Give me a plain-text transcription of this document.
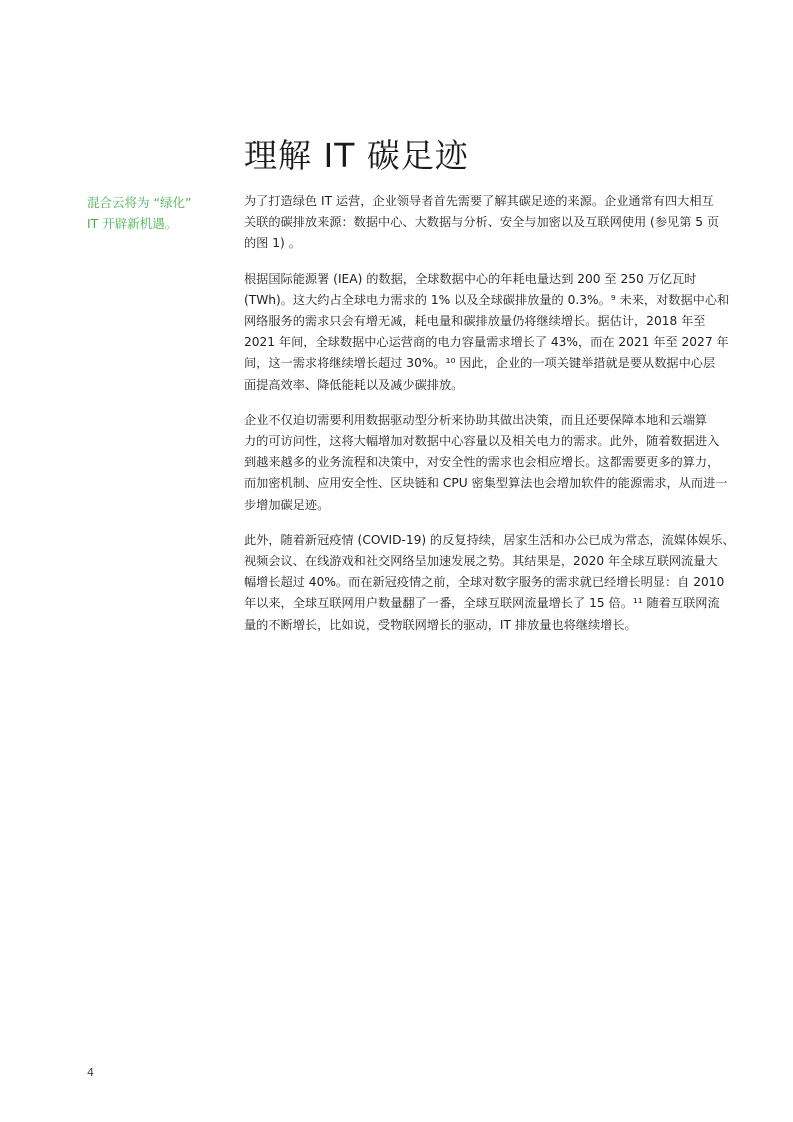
理解 IT 碳足迹
混合云将为 “绿化”
IT 开辟新机遇。

为了打造绿色 IT 运营，企业领导者首先需要了解其碳足迹的来源。企业通常有四大相互
关联的碳排放来源：数据中心、大数据与分析、安全与加密以及互联网使用 (参见第 5 页
的图 1) 。

根据国际能源署 (IEA) 的数据，全球数据中心的年耗电量达到 200 至 250 万亿瓦时
(TWh)。这大约占全球电力需求的 1% 以及全球碳排放量的 0.3%。⁹ 未来，对数据中心和
网络服务的需求只会有增无减，耗电量和碳排放量仍将继续增长。据估计，2018 年至
2021 年间，全球数据中心运营商的电力容量需求增长了 43%，而在 2021 年至 2027 年
间，这一需求将继续增长超过 30%。¹⁰ 因此，企业的一项关键举措就是要从数据中心层
面提高效率、降低能耗以及减少碳排放。

企业不仅迫切需要利用数据驱动型分析来协助其做出决策，而且还要保障本地和云端算
力的可访问性，这将大幅增加对数据中心容量以及相关电力的需求。此外，随着数据进入
到越来越多的业务流程和决策中，对安全性的需求也会相应增长。这都需要更多的算力，
而加密机制、应用安全性、区块链和 CPU 密集型算法也会增加软件的能源需求，从而进一
步增加碳足迹。

此外，随着新冠疫情 (COVID-19) 的反复持续，居家生活和办公已成为常态，流媒体娱乐、
视频会议、在线游戏和社交网络呈加速发展之势。其结果是，2020 年全球互联网流量大
幅增长超过 40%。而在新冠疫情之前，全球对数字服务的需求就已经增长明显：自 2010
年以来，全球互联网用户数量翻了一番，全球互联网流量增长了 15 倍。¹¹ 随着互联网流
量的不断增长，比如说，受物联网增长的驱动，IT 排放量也将继续增长。

4
